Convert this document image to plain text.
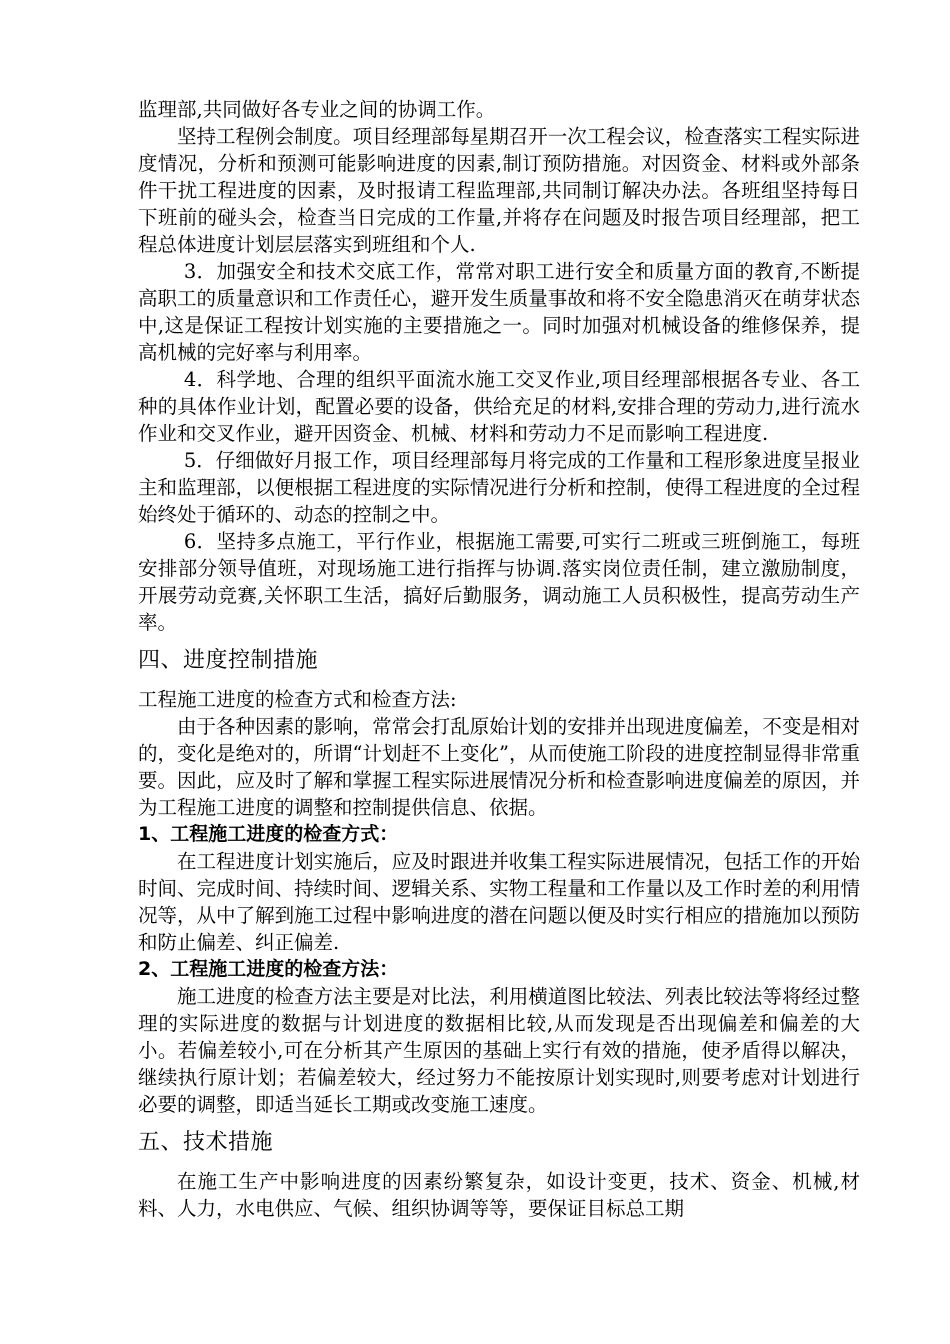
监理部,共同做好各专业之间的协调工作。

坚持工程例会制度。项目经理部每星期召开一次工程会议，检查落实工程实际进度情况，分析和预测可能影响进度的因素,制订预防措施。对因资金、材料或外部条件干扰工程进度的因素，及时报请工程监理部,共同制订解决办法。各班组坚持每日下班前的碰头会，检查当日完成的工作量,并将存在问题及时报告项目经理部，把工程总体进度计划层层落实到班组和个人.

3．加强安全和技术交底工作，常常对职工进行安全和质量方面的教育,不断提高职工的质量意识和工作责任心，避开发生质量事故和将不安全隐患消灭在萌芽状态中,这是保证工程按计划实施的主要措施之一。同时加强对机械设备的维修保养，提高机械的完好率与利用率。

4．科学地、合理的组织平面流水施工交叉作业,项目经理部根据各专业、各工种的具体作业计划，配置必要的设备，供给充足的材料,安排合理的劳动力,进行流水作业和交叉作业，避开因资金、机械、材料和劳动力不足而影响工程进度.

5．仔细做好月报工作，项目经理部每月将完成的工作量和工程形象进度呈报业主和监理部，以便根据工程进度的实际情况进行分析和控制，使得工程进度的全过程始终处于循环的、动态的控制之中。

6．坚持多点施工，平行作业，根据施工需要,可实行二班或三班倒施工，每班安排部分领导值班，对现场施工进行指挥与协调.落实岗位责任制，建立激励制度，开展劳动竞赛,关怀职工生活，搞好后勤服务，调动施工人员积极性，提高劳动生产率。

四、进度控制措施

工程施工进度的检查方式和检查方法:

由于各种因素的影响，常常会打乱原始计划的安排并出现进度偏差，不变是相对的，变化是绝对的，所谓“计划赶不上变化”，从而使施工阶段的进度控制显得非常重要。因此，应及时了解和掌握工程实际进展情况分析和检查影响进度偏差的原因，并为工程施工进度的调整和控制提供信息、依据。

1、工程施工进度的检查方式：

在工程进度计划实施后，应及时跟进并收集工程实际进展情况，包括工作的开始时间、完成时间、持续时间、逻辑关系、实物工程量和工作量以及工作时差的利用情况等，从中了解到施工过程中影响进度的潜在问题以便及时实行相应的措施加以预防和防止偏差、纠正偏差.

2、工程施工进度的检查方法：

施工进度的检查方法主要是对比法，利用横道图比较法、列表比较法等将经过整理的实际进度的数据与计划进度的数据相比较,从而发现是否出现偏差和偏差的大小。若偏差较小,可在分析其产生原因的基础上实行有效的措施，使矛盾得以解决，继续执行原计划；若偏差较大，经过努力不能按原计划实现时,则要考虑对计划进行必要的调整，即适当延长工期或改变施工速度。

五、技术措施

在施工生产中影响进度的因素纷繁复杂，如设计变更，技术、资金、机械,材料、人力，水电供应、气候、组织协调等等，要保证目标总工期
